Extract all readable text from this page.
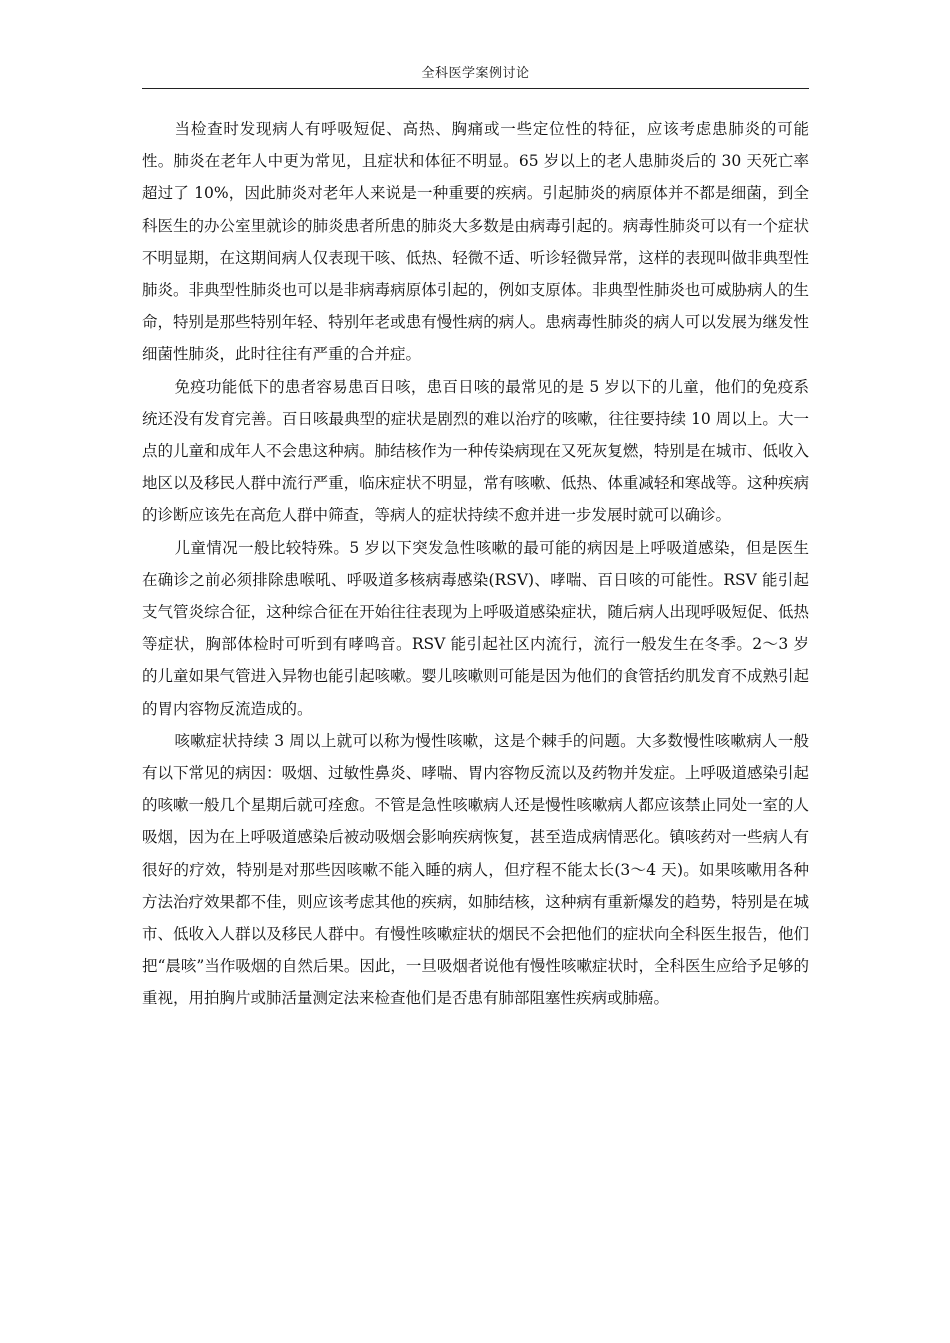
全科医学案例讨论

当检查时发现病人有呼吸短促、高热、胸痛或一些定位性的特征，应该考虑患肺炎的可能性。肺炎在老年人中更为常见，且症状和体征不明显。65 岁以上的老人患肺炎后的 30 天死亡率超过了 10%，因此肺炎对老年人来说是一种重要的疾病。引起肺炎的病原体并不都是细菌，到全科医生的办公室里就诊的肺炎患者所患的肺炎大多数是由病毒引起的。病毒性肺炎可以有一个症状不明显期，在这期间病人仅表现干咳、低热、轻微不适、听诊轻微异常，这样的表现叫做非典型性肺炎。非典型性肺炎也可以是非病毒病原体引起的，例如支原体。非典型性肺炎也可威胁病人的生命，特别是那些特别年轻、特别年老或患有慢性病的病人。患病毒性肺炎的病人可以发展为继发性细菌性肺炎，此时往往有严重的合并症。

免疫功能低下的患者容易患百日咳，患百日咳的最常见的是 5 岁以下的儿童，他们的免疫系统还没有发育完善。百日咳最典型的症状是剧烈的难以治疗的咳嗽，往往要持续 10 周以上。大一点的儿童和成年人不会患这种病。肺结核作为一种传染病现在又死灰复燃，特别是在城市、低收入地区以及移民人群中流行严重，临床症状不明显，常有咳嗽、低热、体重减轻和寒战等。这种疾病的诊断应该先在高危人群中筛查，等病人的症状持续不愈并进一步发展时就可以确诊。

儿童情况一般比较特殊。5 岁以下突发急性咳嗽的最可能的病因是上呼吸道感染，但是医生在确诊之前必须排除患喉吼、呼吸道多核病毒感染(RSV)、哮喘、百日咳的可能性。RSV 能引起支气管炎综合征，这种综合征在开始往往表现为上呼吸道感染症状，随后病人出现呼吸短促、低热等症状，胸部体检时可听到有哮鸣音。RSV 能引起社区内流行，流行一般发生在冬季。2～3 岁的儿童如果气管进入异物也能引起咳嗽。婴儿咳嗽则可能是因为他们的食管括约肌发育不成熟引起的胃内容物反流造成的。

咳嗽症状持续 3 周以上就可以称为慢性咳嗽，这是个棘手的问题。大多数慢性咳嗽病人一般有以下常见的病因：吸烟、过敏性鼻炎、哮喘、胃内容物反流以及药物并发症。上呼吸道感染引起的咳嗽一般几个星期后就可痊愈。不管是急性咳嗽病人还是慢性咳嗽病人都应该禁止同处一室的人吸烟，因为在上呼吸道感染后被动吸烟会影响疾病恢复，甚至造成病情恶化。镇咳药对一些病人有很好的疗效，特别是对那些因咳嗽不能入睡的病人，但疗程不能太长(3～4 天)。如果咳嗽用各种方法治疗效果都不佳，则应该考虑其他的疾病，如肺结核，这种病有重新爆发的趋势，特别是在城市、低收入人群以及移民人群中。有慢性咳嗽症状的烟民不会把他们的症状向全科医生报告，他们把“晨咳”当作吸烟的自然后果。因此，一旦吸烟者说他有慢性咳嗽症状时，全科医生应给予足够的重视，用拍胸片或肺活量测定法来检查他们是否患有肺部阻塞性疾病或肺癌。
